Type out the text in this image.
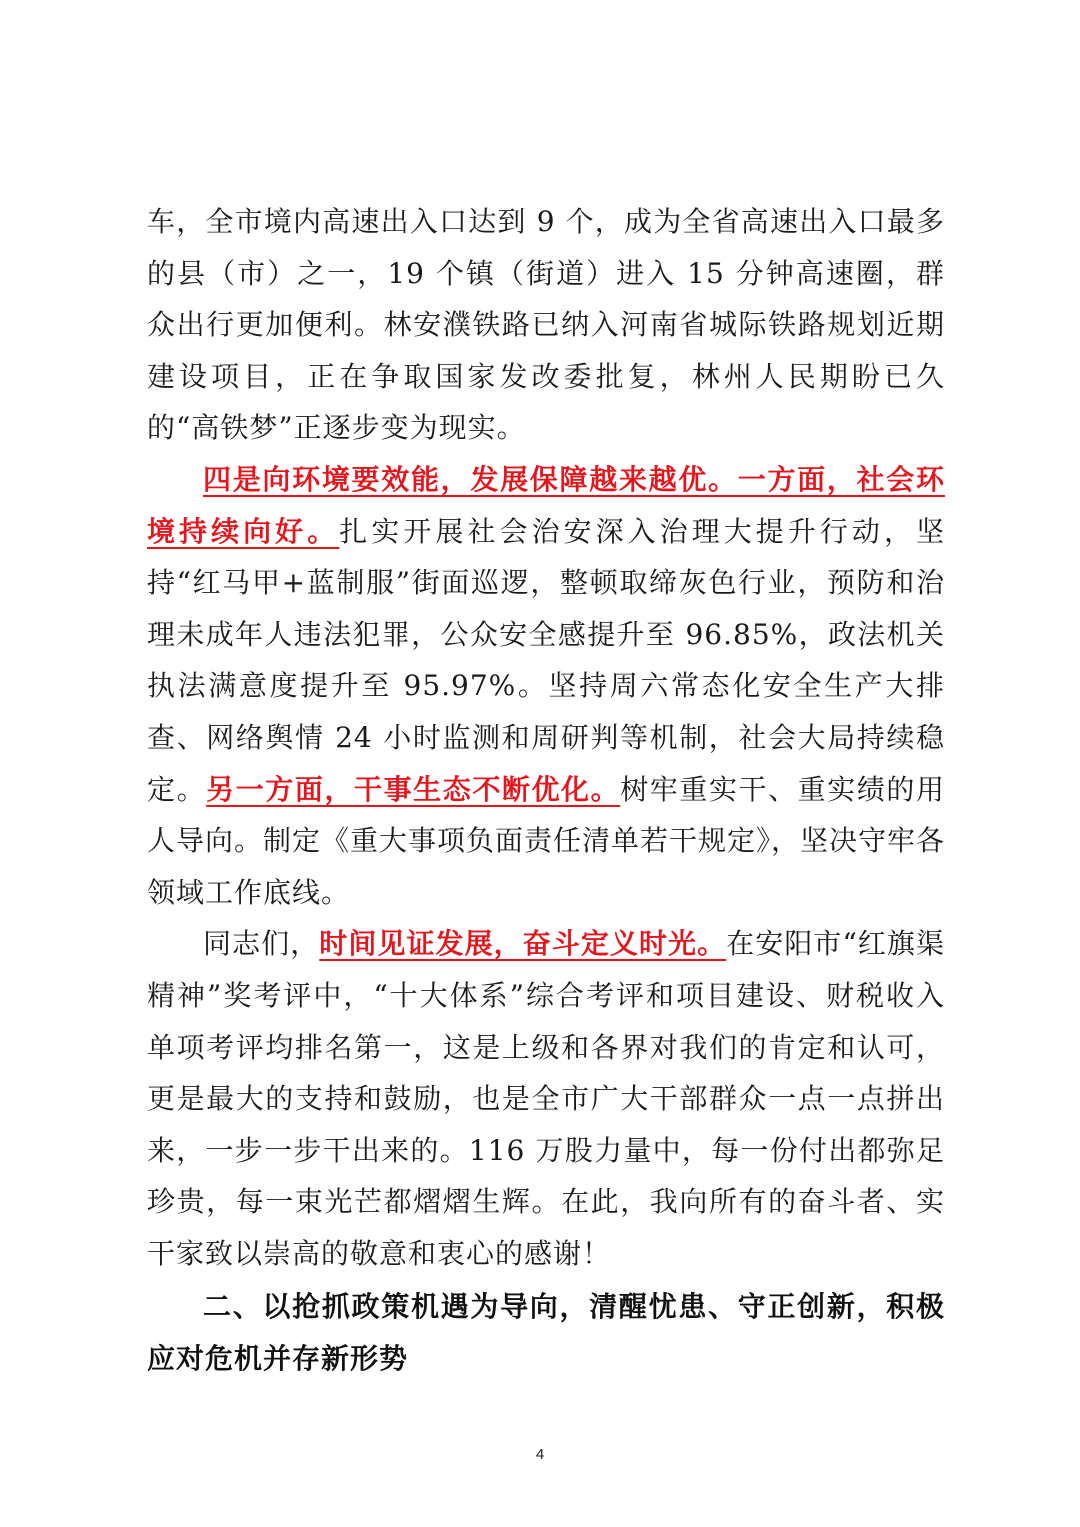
车，全市境内高速出入口达到 9 个，成为全省高速出入口最多的县（市）之一，19 个镇（街道）进入 15 分钟高速圈，群众出行更加便利。林安濮铁路已纳入河南省城际铁路规划近期建设项目，正在争取国家发改委批复，林州人民期盼已久的“高铁梦”正逐步变为现实。

四是向环境要效能，发展保障越来越优。一方面，社会环境持续向好。扎实开展社会治安深入治理大提升行动，坚持“红马甲+蓝制服”街面巡逻，整顿取缔灰色行业，预防和治理未成年人违法犯罪，公众安全感提升至 96.85%，政法机关执法满意度提升至 95.97%。坚持周六常态化安全生产大排查、网络舆情 24 小时监测和周研判等机制，社会大局持续稳定。另一方面，干事生态不断优化。树牢重实干、重实绩的用人导向。制定《重大事项负面责任清单若干规定》，坚决守牢各领域工作底线。

同志们，时间见证发展，奋斗定义时光。在安阳市“红旗渠精神”奖考评中，“十大体系”综合考评和项目建设、财税收入单项考评均排名第一，这是上级和各界对我们的肯定和认可，更是最大的支持和鼓励，也是全市广大干部群众一点一点拼出来，一步一步干出来的。116 万股力量中，每一份付出都弥足珍贵，每一束光芒都熠熠生辉。在此，我向所有的奋斗者、实干家致以崇高的敬意和衷心的感谢！

二、以抢抓政策机遇为导向，清醒忧患、守正创新，积极应对危机并存新形势

4
